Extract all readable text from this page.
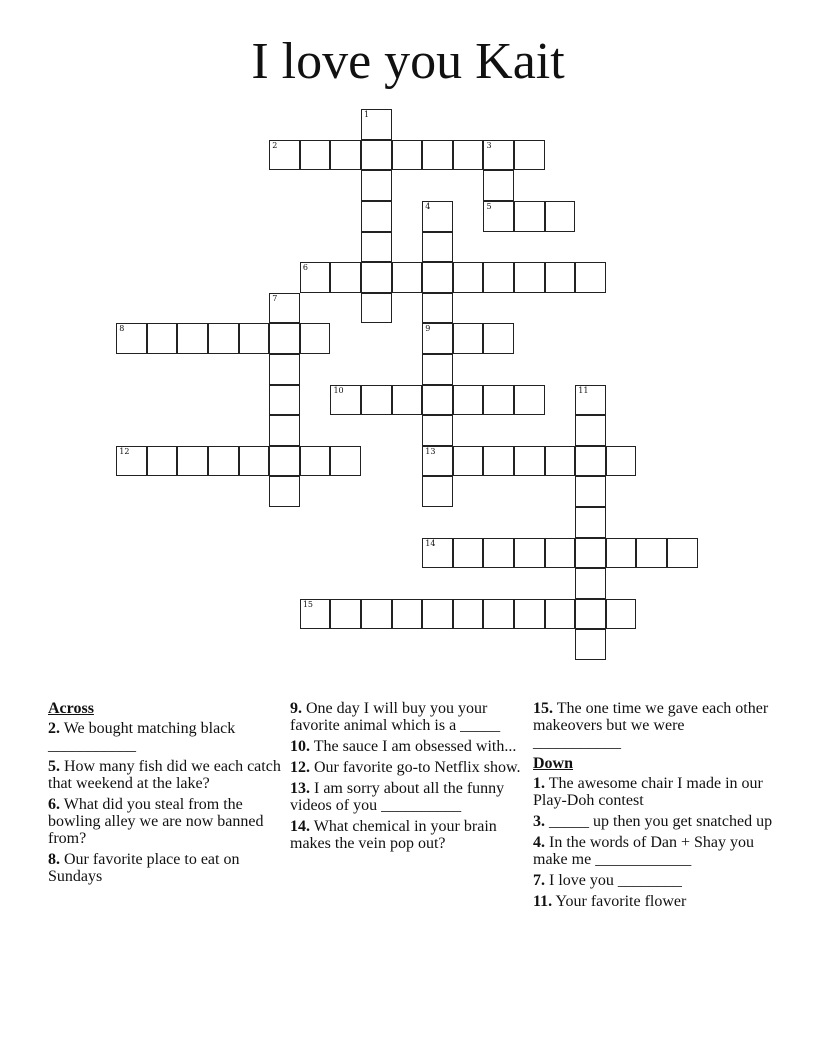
I love you Kait
1
2	3
5
4
9
13
6
7
8
10	11
12
14
15
Across
2. We bought matching black ___________
5. How many fish did we each catch that weekend at the lake?
6. What did you steal from the bowling alley we are now banned from?
8. Our favorite place to eat on Sundays
9. One day I will buy you your favorite animal which is a _____
10. The sauce I am obsessed with...
12. Our favorite go-to Netflix show.
13. I am sorry about all the funny videos of you __________
14. What chemical in your brain makes the vein pop out?
15. The one time we gave each other makeovers but we were ___________
Down
1. The awesome chair I made in our Play-Doh contest
3. _____ up then you get snatched up
4. In the words of Dan + Shay you make me ____________
7. I love you ________
11. Your favorite flower
